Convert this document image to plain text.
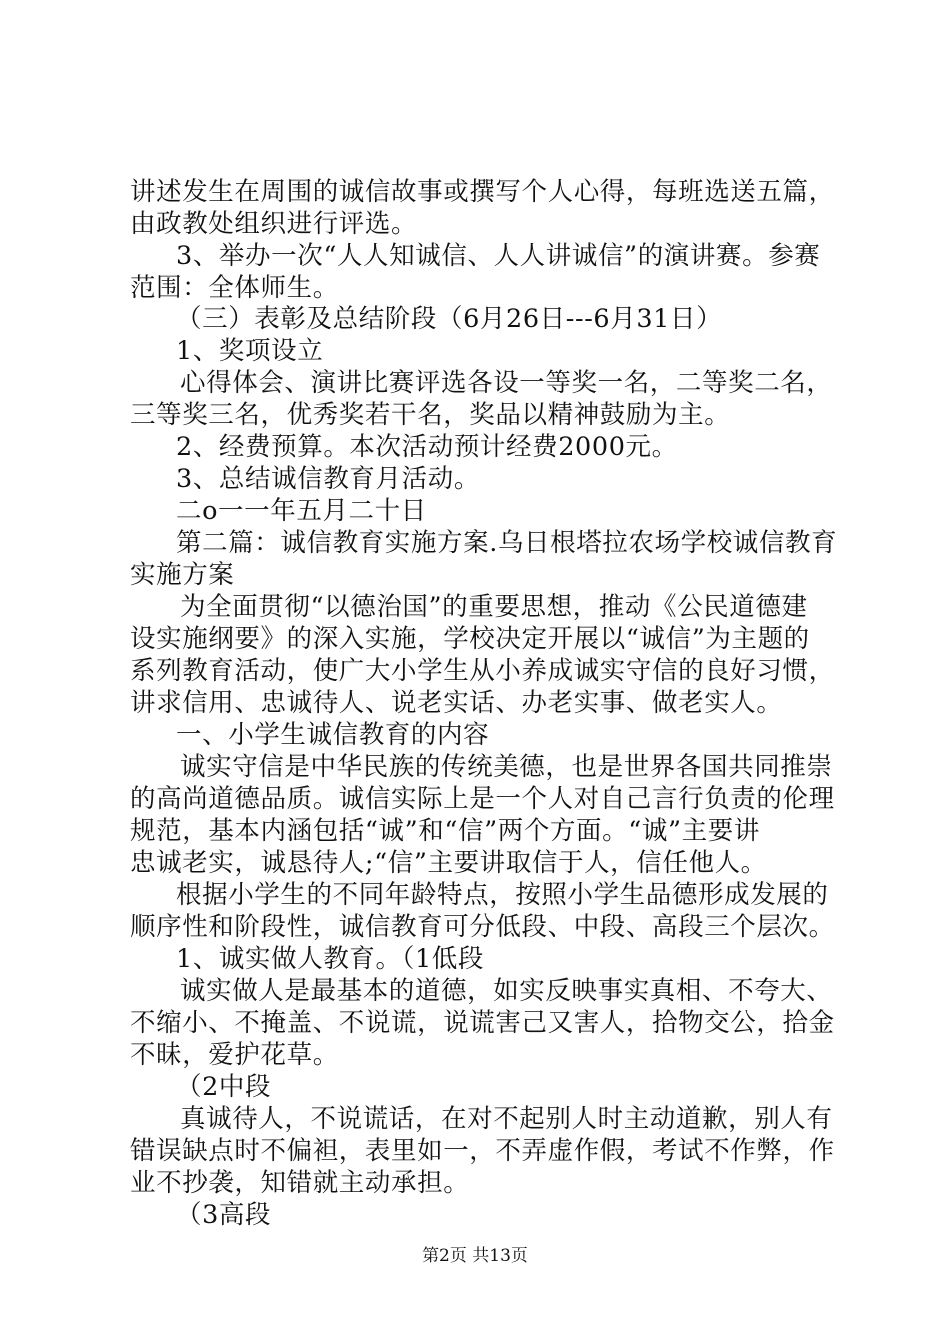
讲述发生在周围的诚信故事或撰写个人心得，每班选送五篇，
由政教处组织进行评选。
3、举办一次“人人知诚信、人人讲诚信”的演讲赛。参赛
范围：全体师生。
（三）表彰及总结阶段（6月26日---6月31日）
1、奖项设立
心得体会、演讲比赛评选各设一等奖一名，二等奖二名，
三等奖三名，优秀奖若干名，奖品以精神鼓励为主。
2、经费预算。本次活动预计经费2000元。
3、总结诚信教育月活动。
二o一一年五月二十日
第二篇：诚信教育实施方案.乌日根塔拉农场学校诚信教育
实施方案
为全面贯彻“以德治国”的重要思想，推动《公民道德建
设实施纲要》的深入实施，学校决定开展以“诚信”为主题的
系列教育活动，使广大小学生从小养成诚实守信的良好习惯，
讲求信用、忠诚待人、说老实话、办老实事、做老实人。
一、小学生诚信教育的内容
诚实守信是中华民族的传统美德，也是世界各国共同推崇
的高尚道德品质。诚信实际上是一个人对自己言行负责的伦理
规范，基本内涵包括“诚”和“信”两个方面。“诚”主要讲
忠诚老实，诚恳待人;“信”主要讲取信于人，信任他人。
根据小学生的不同年龄特点，按照小学生品德形成发展的
顺序性和阶段性，诚信教育可分低段、中段、高段三个层次。
1、诚实做人教育。（1低段
诚实做人是最基本的道德，如实反映事实真相、不夸大、
不缩小、不掩盖、不说谎，说谎害己又害人，拾物交公，拾金
不昧，爱护花草。
（2中段
真诚待人，不说谎话，在对不起别人时主动道歉，别人有
错误缺点时不偏袒，表里如一，不弄虚作假，考试不作弊，作
业不抄袭，知错就主动承担。
（3高段
第2页 共13页
